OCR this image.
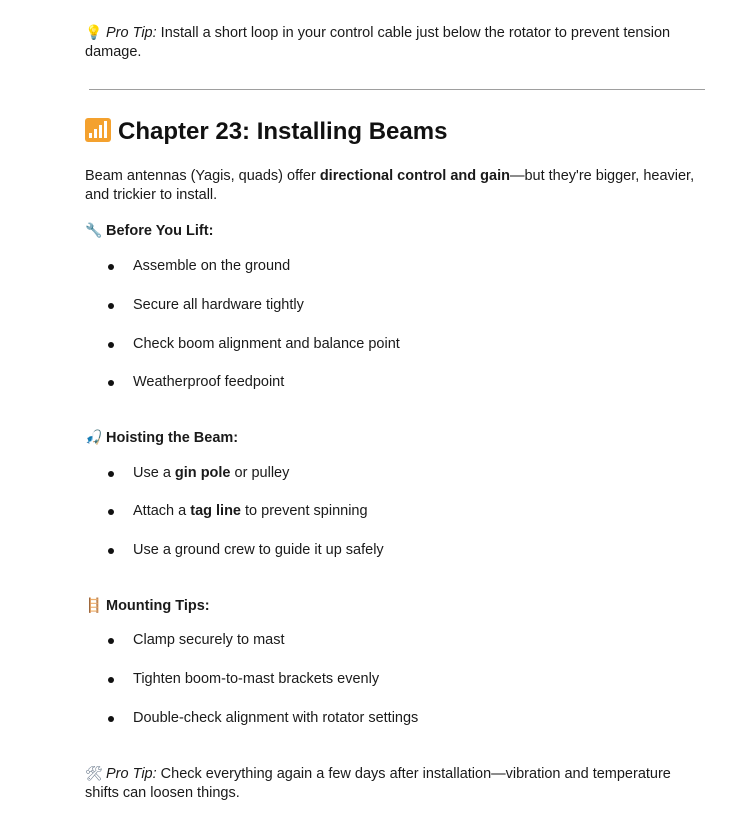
💡 Pro Tip: Install a short loop in your control cable just below the rotator to prevent tension
damage.
Chapter 23: Installing Beams
Beam antennas (Yagis, quads) offer directional control and gain—but they're bigger, heavier,
and trickier to install.
🔧 Before You Lift:
Assemble on the ground
Secure all hardware tightly
Check boom alignment and balance point
Weatherproof feedpoint
🎣 Hoisting the Beam:
Use a gin pole or pulley
Attach a tag line to prevent spinning
Use a ground crew to guide it up safely
🪜 Mounting Tips:
Clamp securely to mast
Tighten boom-to-mast brackets evenly
Double-check alignment with rotator settings
🛠 Pro Tip: Check everything again a few days after installation—vibration and temperature
shifts can loosen things.
